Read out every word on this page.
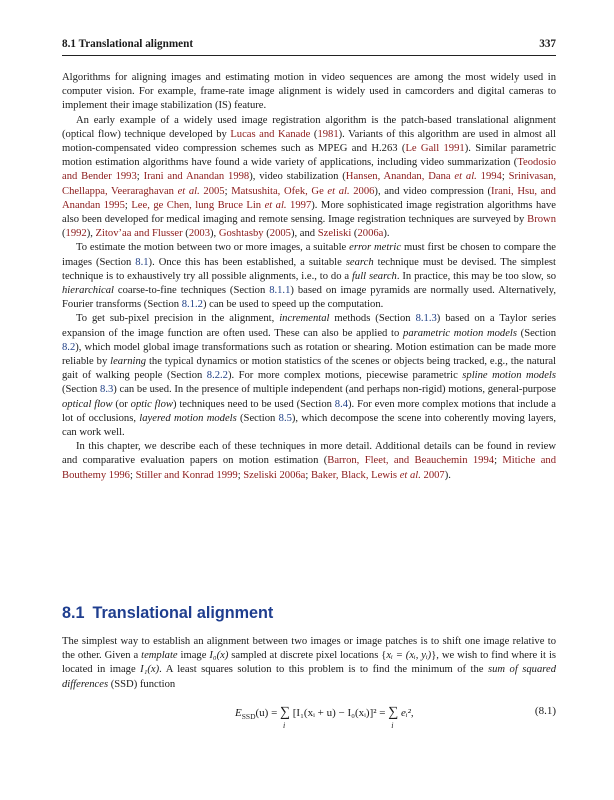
8.1 Translational alignment	337

Algorithms for aligning images and estimating motion in video sequences are among the most widely used in computer vision. For example, frame-rate image alignment is widely used in camcorders and digital cameras to implement their image stabilization (IS) feature.

An early example of a widely used image registration algorithm is the patch-based translational alignment (optical flow) technique developed by Lucas and Kanade (1981). Variants of this algorithm are used in almost all motion-compensated video compression schemes such as MPEG and H.263 (Le Gall 1991). Similar parametric motion estimation algorithms have found a wide variety of applications, including video summarization (Teodosio and Bender 1993; Irani and Anandan 1998), video stabilization (Hansen, Anandan, Dana et al. 1994; Srinivasan, Chellappa, Veeraraghavan et al. 2005; Matsushita, Ofek, Ge et al. 2006), and video compression (Irani, Hsu, and Anandan 1995; Lee, ge Chen, lung Bruce Lin et al. 1997). More sophisticated image registration algorithms have also been developed for medical imaging and remote sensing. Image registration techniques are surveyed by Brown (1992), Zitov’aa and Flusser (2003), Goshtasby (2005), and Szeliski (2006a).

To estimate the motion between two or more images, a suitable error metric must first be chosen to compare the images (Section 8.1). Once this has been established, a suitable search technique must be devised. The simplest technique is to exhaustively try all possible alignments, i.e., to do a full search. In practice, this may be too slow, so hierarchical coarse-to-fine techniques (Section 8.1.1) based on image pyramids are normally used. Alternatively, Fourier transforms (Section 8.1.2) can be used to speed up the computation.

To get sub-pixel precision in the alignment, incremental methods (Section 8.1.3) based on a Taylor series expansion of the image function are often used. These can also be applied to parametric motion models (Section 8.2), which model global image transformations such as rotation or shearing. Motion estimation can be made more reliable by learning the typical dynamics or motion statistics of the scenes or objects being tracked, e.g., the natural gait of walking people (Section 8.2.2). For more complex motions, piecewise parametric spline motion models (Section 8.3) can be used. In the presence of multiple independent (and perhaps non-rigid) motions, general-purpose optical flow (or optic flow) techniques need to be used (Section 8.4). For even more complex motions that include a lot of occlusions, layered motion models (Section 8.5), which decompose the scene into coherently moving layers, can work well.

In this chapter, we describe each of these techniques in more detail. Additional details can be found in review and comparative evaluation papers on motion estimation (Barron, Fleet, and Beauchemin 1994; Mitiche and Bouthemy 1996; Stiller and Konrad 1999; Szeliski 2006a; Baker, Black, Lewis et al. 2007).

8.1 Translational alignment

The simplest way to establish an alignment between two images or image patches is to shift one image relative to the other. Given a template image I₀(x) sampled at discrete pixel locations {xᵢ = (xᵢ, yᵢ)}, we wish to find where it is located in image I₁(x). A least squares solution to this problem is to find the minimum of the sum of squared differences (SSD) function

$E_{SSD}(u)$ = ∑
i
[I₁(xᵢ + u) − I₀(xᵢ)]² = ∑
i
eᵢ²,	(8.1)
